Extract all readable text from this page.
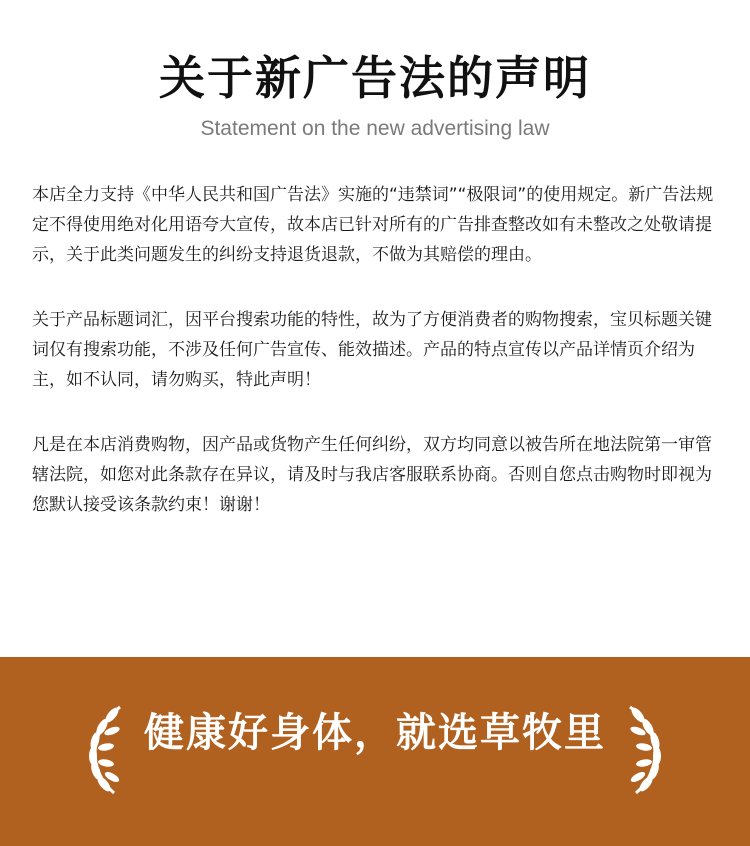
关于新广告法的声明
Statement on the new advertising law

本店全力支持《中华人民共和国广告法》实施的“违禁词”“极限词”的使用规定。新广告法规定不得使用绝对化用语夸大宣传，故本店已针对所有的广告排查整改如有未整改之处敬请提示，关于此类问题发生的纠纷支持退货退款，不做为其赔偿的理由。

关于产品标题词汇，因平台搜索功能的特性，故为了方便消费者的购物搜索，宝贝标题关键词仅有搜索功能，不涉及任何广告宣传、能效描述。产品的特点宣传以产品详情页介绍为主，如不认同，请勿购买，特此声明！

凡是在本店消费购物，因产品或货物产生任何纠纷，双方均同意以被告所在地法院第一审管辖法院，如您对此条款存在异议，请及时与我店客服联系协商。否则自您点击购物时即视为您默认接受该条款约束！谢谢！

健康好身体，就选草牧里
